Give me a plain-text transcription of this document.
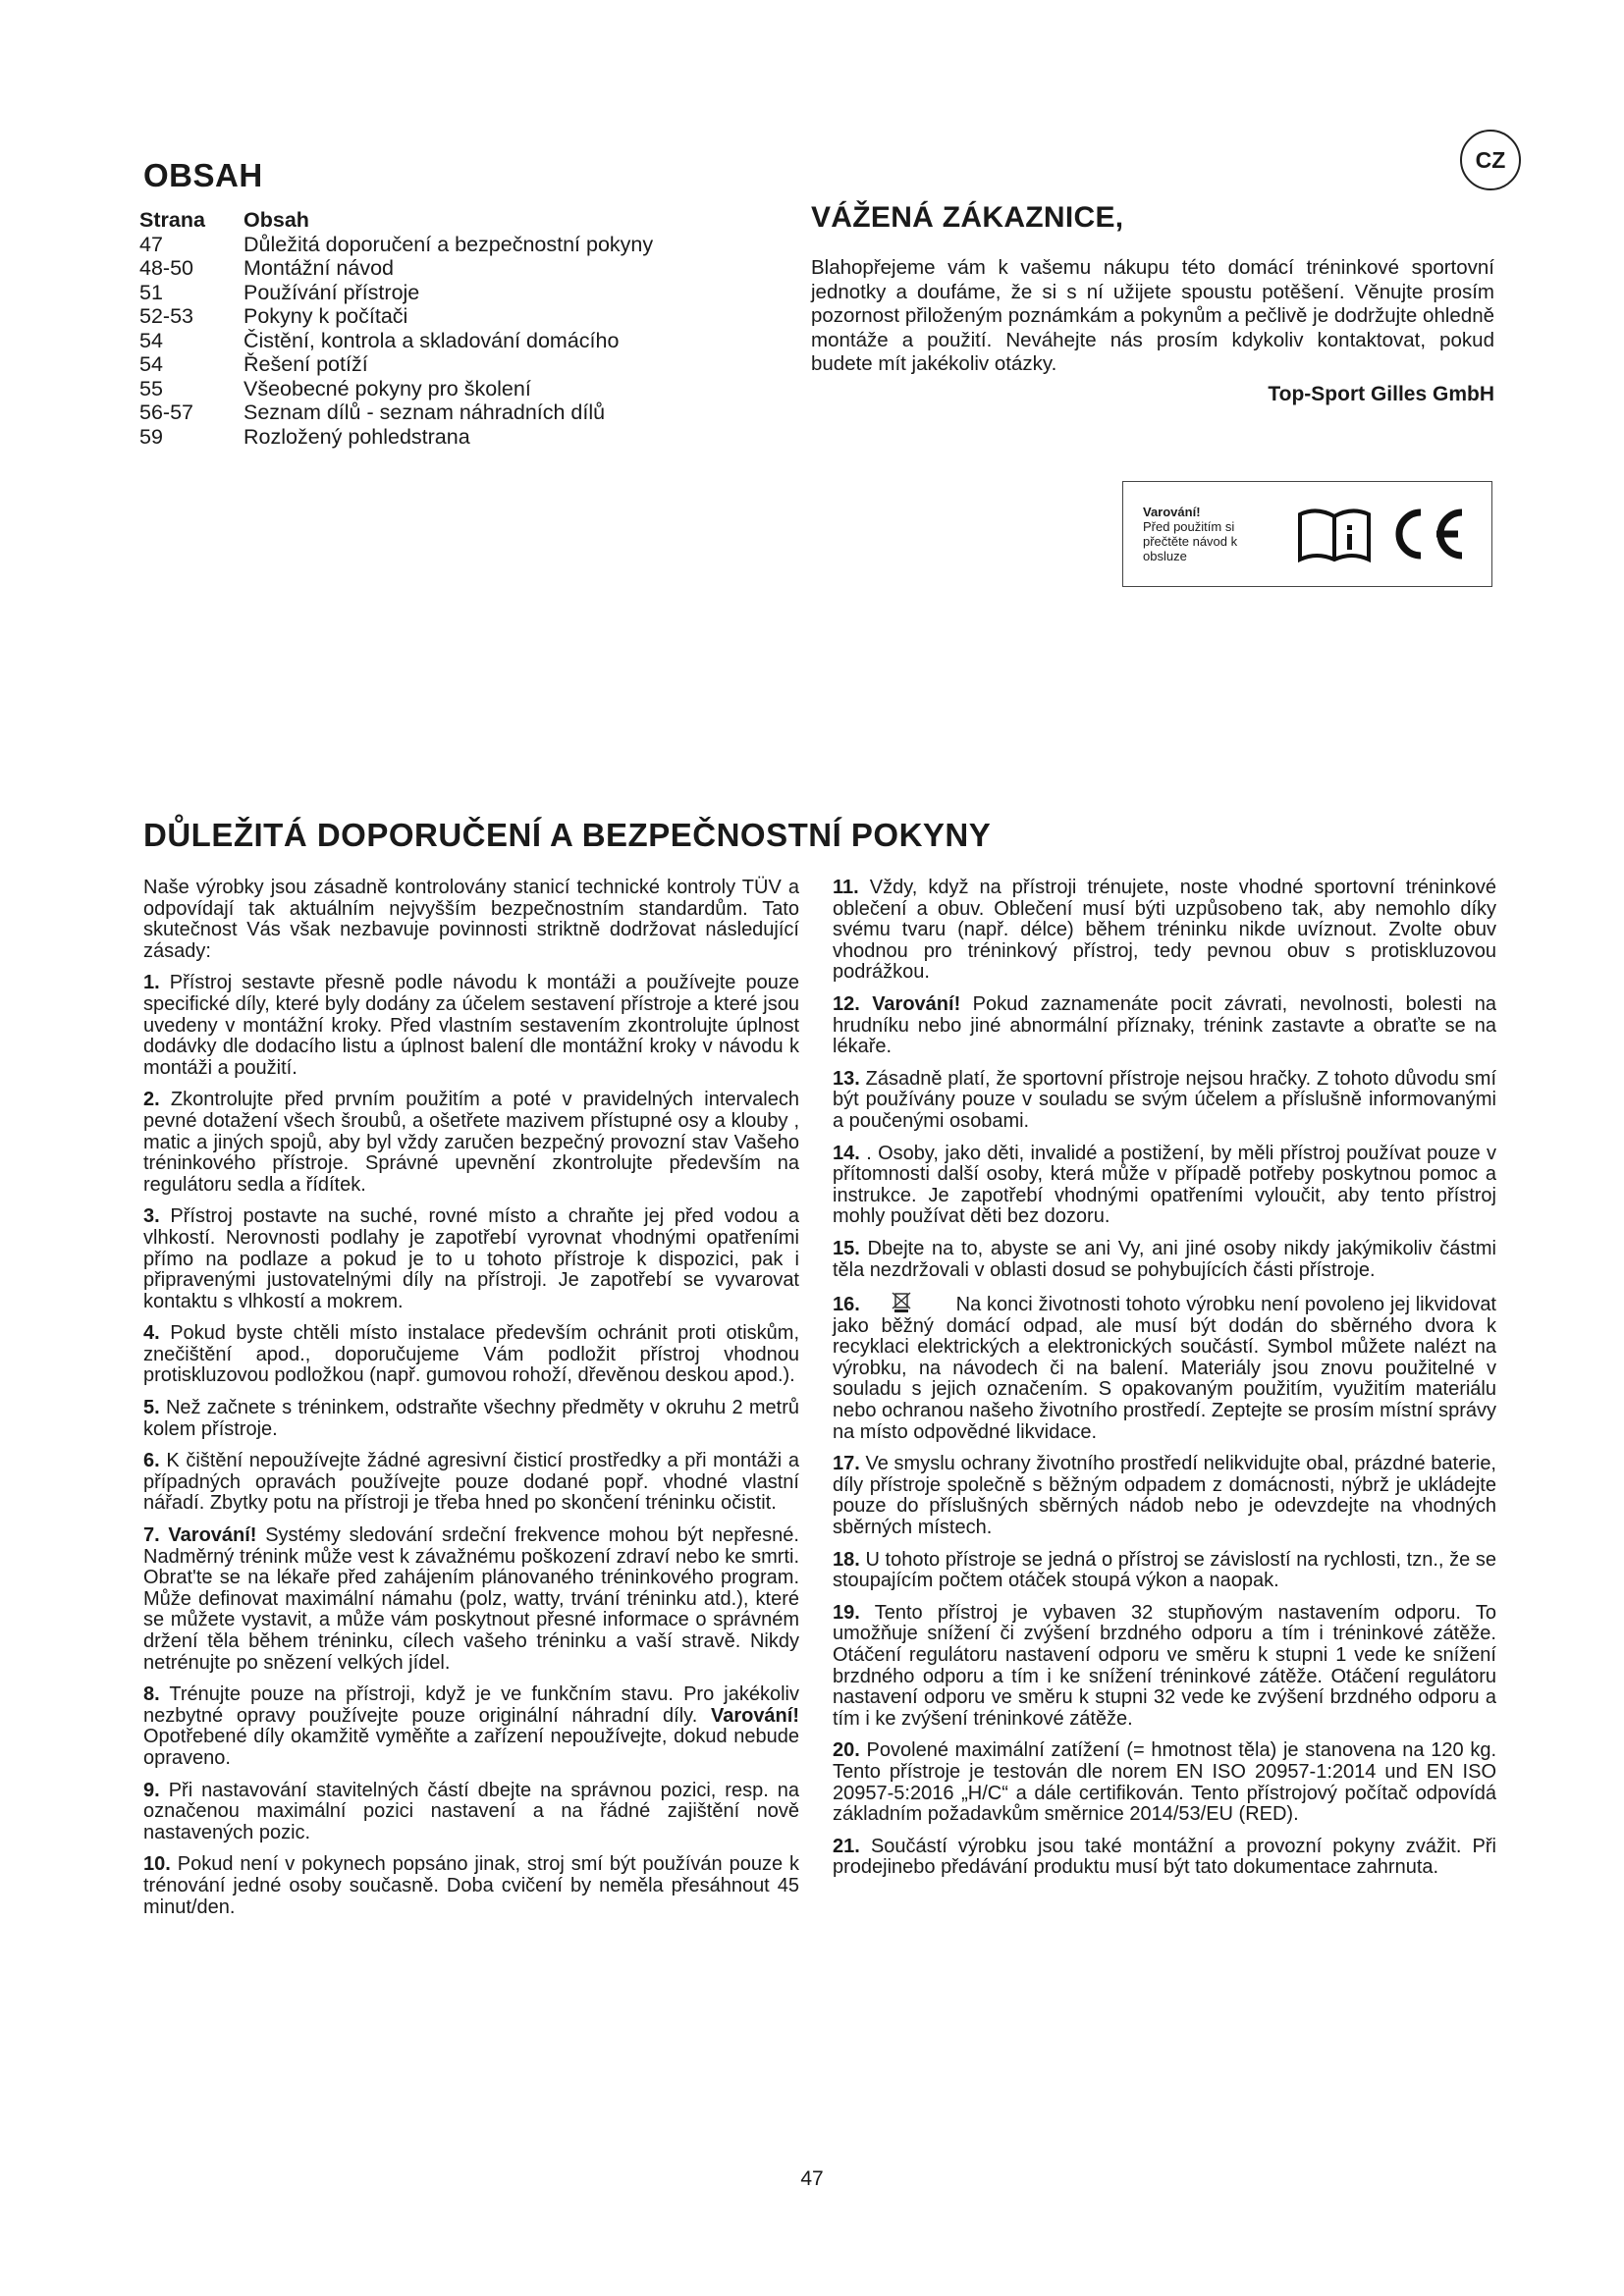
OBSAH
Strana	Obsah
47	Důležitá doporučení a bezpečnostní pokyny
48-50	Montážní návod
51	Používání přístroje
52-53	Pokyny k počítači
54	Čistění, kontrola a skladování domácího
54	Řešení potíží
55	Všeobecné pokyny pro školení
56-57	Seznam dílů - seznam náhradních dílů
59	Rozložený pohledstrana
CZ
VÁŽENÁ ZÁKAZNICE,
Blahopřejeme vám k vašemu nákupu této domácí tréninkové sportovní jednotky a doufáme, že si s ní užijete spoustu potěšení. Věnujte prosím pozornost přiloženým poznámkám a pokynům a pečlivě je dodržujte ohledně montáže a použití. Neváhejte nás prosím kdykoliv kontaktovat, pokud budete mít jakékoliv otázky.
Top-Sport Gilles GmbH
Varování!
Před použitím si přečtěte návod k obsluze
DŮLEŽITÁ DOPORUČENÍ A BEZPEČNOSTNÍ POKYNY

Naše výrobky jsou zásadně kontrolovány stanicí technické kontroly TÜV a odpovídají tak aktuálním nejvyšším bezpečnostním standardům. Tato skutečnost Vás však nezbavuje povinnosti striktně dodržovat následující zásady:

1. Přístroj sestavte přesně podle návodu k montáži a používejte pouze specifické díly, které byly dodány za účelem sestavení přístroje a které jsou uvedeny v montážní kroky. Před vlastním sestavením zkontrolujte úplnost dodávky dle dodacího listu a úplnost balení dle montážní kroky v návodu k montáži a použití.

2. Zkontrolujte před prvním použitím a poté v pravidelných intervalech pevné dotažení všech šroubů, a ošetřete mazivem přístupné osy a klouby , matic a jiných spojů, aby byl vždy zaručen bezpečný provozní stav Vašeho tréninkového přístroje. Správné upevnění zkontrolujte především na regulátoru sedla a řídítek.

3. Přístroj postavte na suché, rovné místo a chraňte jej před vodou a vlhkostí. Nerovnosti podlahy je zapotřebí vyrovnat vhodnými opatřeními přímo na podlaze a pokud je to u tohoto přístroje k dispozici, pak i připravenými justovatelnými díly na přístroji. Je zapotřebí se vyvarovat kontaktu s vlhkostí a mokrem.

4. Pokud byste chtěli místo instalace především ochránit proti otiskům, znečištění apod., doporučujeme Vám podložit přístroj vhodnou protiskluzovou podložkou (např. gumovou rohoží, dřevěnou deskou apod.).

5. Než začnete s tréninkem, odstraňte všechny předměty v okruhu 2 metrů kolem přístroje.

6. K čištění nepoužívejte žádné agresivní čisticí prostředky a při montáži a případných opravách používejte pouze dodané popř. vhodné vlastní nářadí. Zbytky potu na přístroji je třeba hned po skončení tréninku očistit.

7. Varování! Systémy sledování srdeční frekvence mohou být nepřesné. Nadměrný trénink může vest k závažnému poškození zdraví nebo ke smrti. Obrat'te se na lékaře před zahájením plánovaného tréninkového program. Může definovat maximální námahu (polz, watty, trvání tréninku atd.), které se můžete vystavit, a může vám poskytnout přesné informace o správném držení těla během tréninku, cílech vašeho tréninku a vaší stravě. Nikdy netrénujte po snězení velkých jídel.

8. Trénujte pouze na přístroji, když je ve funkčním stavu. Pro jakékoliv nezbytné opravy používejte pouze originální náhradní díly. Varování! Opotřebené díly okamžitě vyměňte a zařízení nepoužívejte, dokud nebude opraveno.

9. Při nastavování stavitelných částí dbejte na správnou pozici, resp. na označenou maximální pozici nastavení a na řádné zajištění nově nastavených pozic.

10. Pokud není v pokynech popsáno jinak, stroj smí být používán pouze k trénování jedné osoby současně. Doba cvičení by neměla přesáhnout 45 minut/den.

11. Vždy, když na přístroji trénujete, noste vhodné sportovní tréninkové oblečení a obuv. Oblečení musí býti uzpůsobeno tak, aby nemohlo díky svému tvaru (např. délce) během tréninku nikde uvíznout. Zvolte obuv vhodnou pro tréninkový přístroj, tedy pevnou obuv s protiskluzovou podrážkou.

12. Varování! Pokud zaznamenáte pocit závrati, nevolnosti, bolesti na hrudníku nebo jiné abnormální příznaky, trénink zastavte a obraťte se na lékaře.

13. Zásadně platí, že sportovní přístroje nejsou hračky. Z tohoto důvodu smí být používány pouze v souladu se svým účelem a příslušně informovanými a poučenými osobami.

14. . Osoby, jako děti, invalidé a postižení, by měli přístroj používat pouze v přítomnosti další osoby, která může v případě potřeby poskytnou pomoc a instrukce. Je zapotřebí vhodnými opatřeními vyloučit, aby tento přístroj mohly používat děti bez dozoru.

15. Dbejte na to, abyste se ani Vy, ani jiné osoby nikdy jakýmikoliv částmi těla nezdržovali v oblasti dosud se pohybujících části přístroje.

16.	Na konci životnosti tohoto výrobku není povoleno jej likvidovat jako běžný domácí odpad, ale musí být dodán do sběrného dvora k recyklaci elektrických a elektronických součástí. Symbol můžete nalézt na výrobku, na návodech či na balení. Materiály jsou znovu použitelné v souladu s jejich označením. S opakovaným použitím, využitím materiálu nebo ochranou našeho životního prostředí. Zeptejte se prosím místní správy na místo odpovědné likvidace.

17. Ve smyslu ochrany životního prostředí nelikvidujte obal, prázdné baterie, díly přístroje společně s běžným odpadem z domácnosti, nýbrž je ukládejte pouze do příslušných sběrných nádob nebo je odevzdejte na vhodných sběrných místech.

18. U tohoto přístroje se jedná o přístroj se závislostí na rychlosti, tzn., že se stoupajícím počtem otáček stoupá výkon a naopak.

19. Tento přístroj je vybaven 32 stupňovým nastavením odporu. To umožňuje snížení či zvýšení brzdného odporu a tím i tréninkové zátěže. Otáčení regulátoru nastavení odporu ve směru k stupni 1 vede ke snížení brzdného odporu a tím i ke snížení tréninkové zátěže. Otáčení regulátoru nastavení odporu ve směru k stupni 32 vede ke zvýšení brzdného odporu a tím i ke zvýšení tréninkové zátěže.

20. Povolené maximální zatížení (= hmotnost těla) je stanovena na 120 kg. Tento přístroje je testován dle norem EN ISO 20957-1:2014 und EN ISO 20957-5:2016 „H/C“ a dále certifikován. Tento přístrojový počítač odpovídá základním požadavkům směrnice 2014/53/EU (RED).

21. Součástí výrobku jsou také montážní a provozní pokyny zvážit. Při prodejinebo předávání produktu musí být tato dokumentace zahrnuta.

47
